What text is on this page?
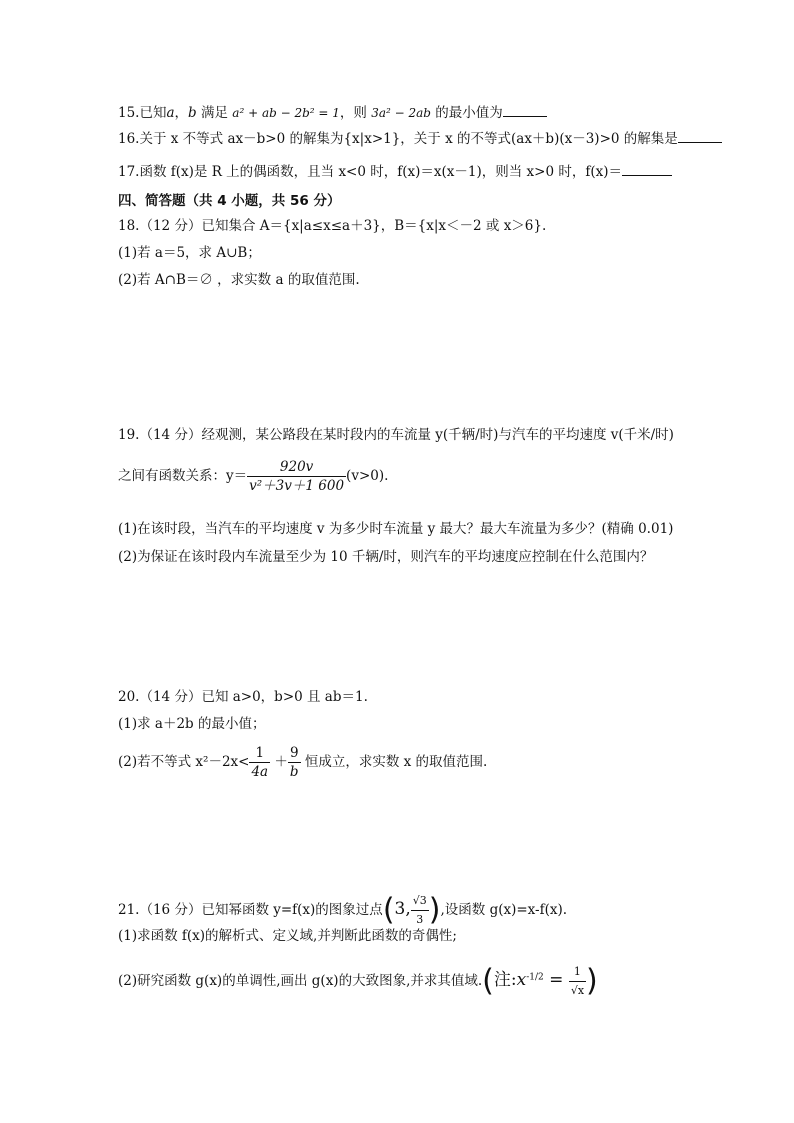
15.已知a，b 满足 a² + ab − 2b² = 1，则 3a² − 2ab 的最小值为
16.关于 x 不等式 ax－b>0 的解集为{x|x>1}，关于 x 的不等式(ax＋b)(x－3)>0 的解集是
17.函数 f(x)是 R 上的偶函数，且当 x<0 时，f(x)＝x(x－1)，则当 x>0 时，f(x)＝
四、简答题（共 4 小题，共 56 分）
18.（12 分）已知集合 A＝{x|a≤x≤a＋3}，B＝{x|x＜－2 或 x＞6}.
(1)若 a＝5，求 A∪B；
(2)若 A∩B＝∅ ，求实数 a 的取值范围.
19.（14 分）经观测，某公路段在某时段内的车流量 y(千辆/时)与汽车的平均速度 v(千米/时)
之间有函数关系：$y= \frac{920v}{\text{v²＋3v＋1 600}} (v>0)$.
(1)在该时段，当汽车的平均速度 v 为多少时车流量 y 最大？最大车流量为多少？(精确 0.01)
(2)为保证在该时段内车流量至少为 10 千辆/时，则汽车的平均速度应控制在什么范围内？
20.（14 分）已知 a>0，b>0 且 ab＝1.
(1)求 a＋2b 的最小值；
(2)若不等式 $x^2-2x< \frac{1}{4a} + \frac{9}{b}$ 恒成立，求实数 x 的取值范围.
21.（16 分）已知幂函数 y=f(x)的图象过点(3, $\frac{√3}{3}$ ),设函数 g(x)=x-f(x).
(1)求函数 f(x)的解析式、定义域,并判断此函数的奇偶性;
(2)研究函数 g(x)的单调性,画出 g(x)的大致图象,并求其值域.(注$:x^{-1/2} = \frac{1}{√x}$ )
